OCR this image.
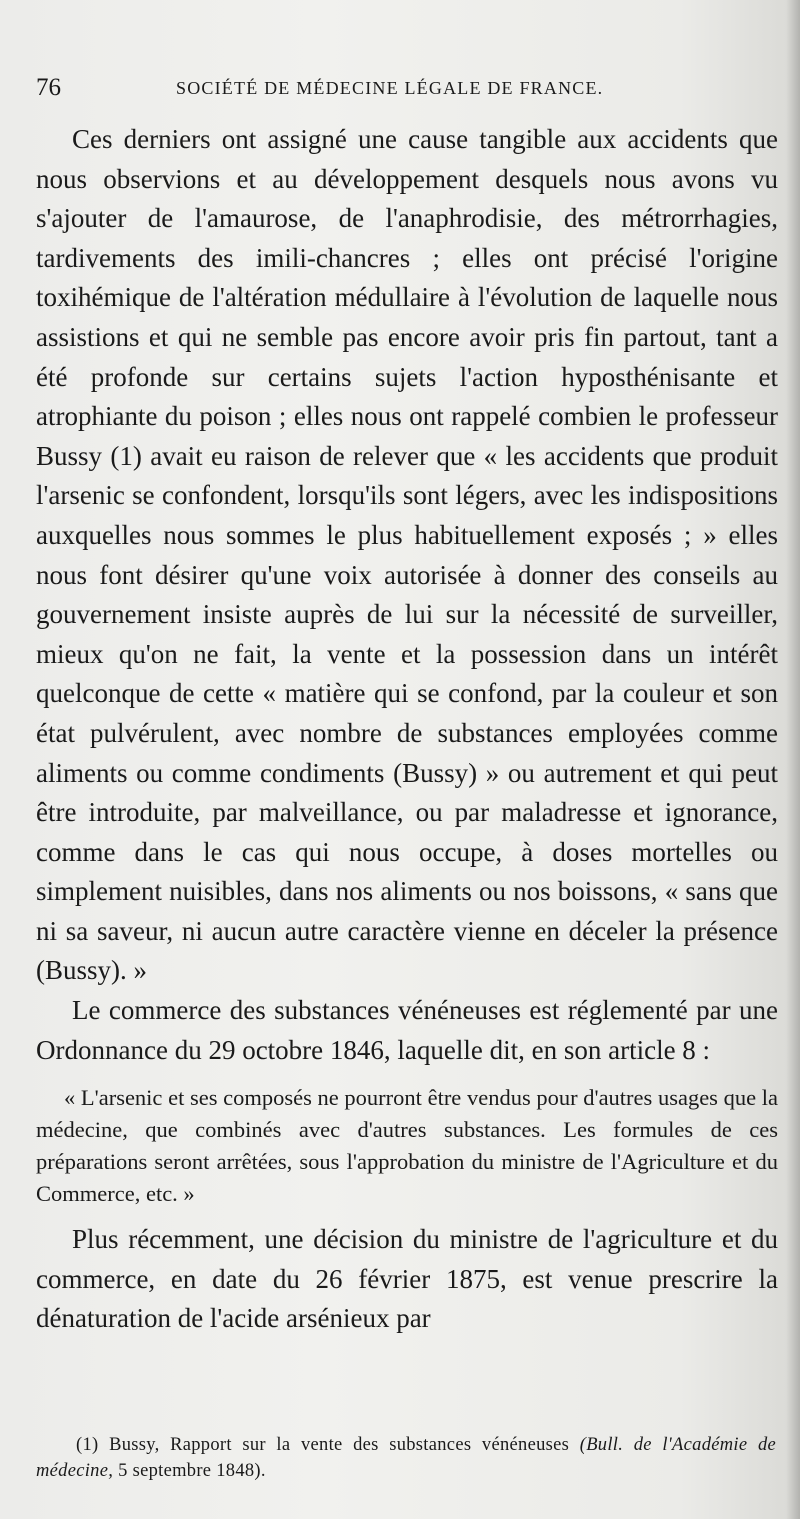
76	SOCIÉTÉ DE MÉDECINE LÉGALE DE FRANCE.

Ces derniers ont assigné une cause tangible aux accidents que nous observions et au développement desquels nous avons vu s'ajouter de l'amaurose, de l'anaphrodisie, des métrorrhagies, tardivements des imili-chancres ; elles ont précisé l'origine toxihémique de l'altération médullaire à l'évolution de laquelle nous assistions et qui ne semble pas encore avoir pris fin partout, tant a été profonde sur certains sujets l'action hyposthénisante et atrophiante du poison ; elles nous ont rappelé combien le professeur Bussy (1) avait eu raison de relever que « les accidents que produit l'arsenic se confondent, lorsqu'ils sont légers, avec les indispositions auxquelles nous sommes le plus habituellement exposés ; » elles nous font désirer qu'une voix autorisée à donner des conseils au gouvernement insiste auprès de lui sur la nécessité de surveiller, mieux qu'on ne fait, la vente et la possession dans un intérêt quelconque de cette « matière qui se confond, par la couleur et son état pulvérulent, avec nombre de substances employées comme aliments ou comme condiments (Bussy) » ou autrement et qui peut être introduite, par malveillance, ou par maladresse et ignorance, comme dans le cas qui nous occupe, à doses mortelles ou simplement nuisibles, dans nos aliments ou nos boissons, « sans que ni sa saveur, ni aucun autre caractère vienne en déceler la présence (Bussy). »

Le commerce des substances vénéneuses est réglementé par une Ordonnance du 29 octobre 1846, laquelle dit, en son article 8 :

« L'arsenic et ses composés ne pourront être vendus pour d'autres usages que la médecine, que combinés avec d'autres substances. Les formules de ces préparations seront arrêtées, sous l'approbation du ministre de l'Agriculture et du Commerce, etc. »

Plus récemment, une décision du ministre de l'agriculture et du commerce, en date du 26 février 1875, est venue prescrire la dénaturation de l'acide arsénieux par

(1) Bussy, Rapport sur la vente des substances vénéneuses (Bull. de l'Académie de médecine, 5 septembre 1848).
